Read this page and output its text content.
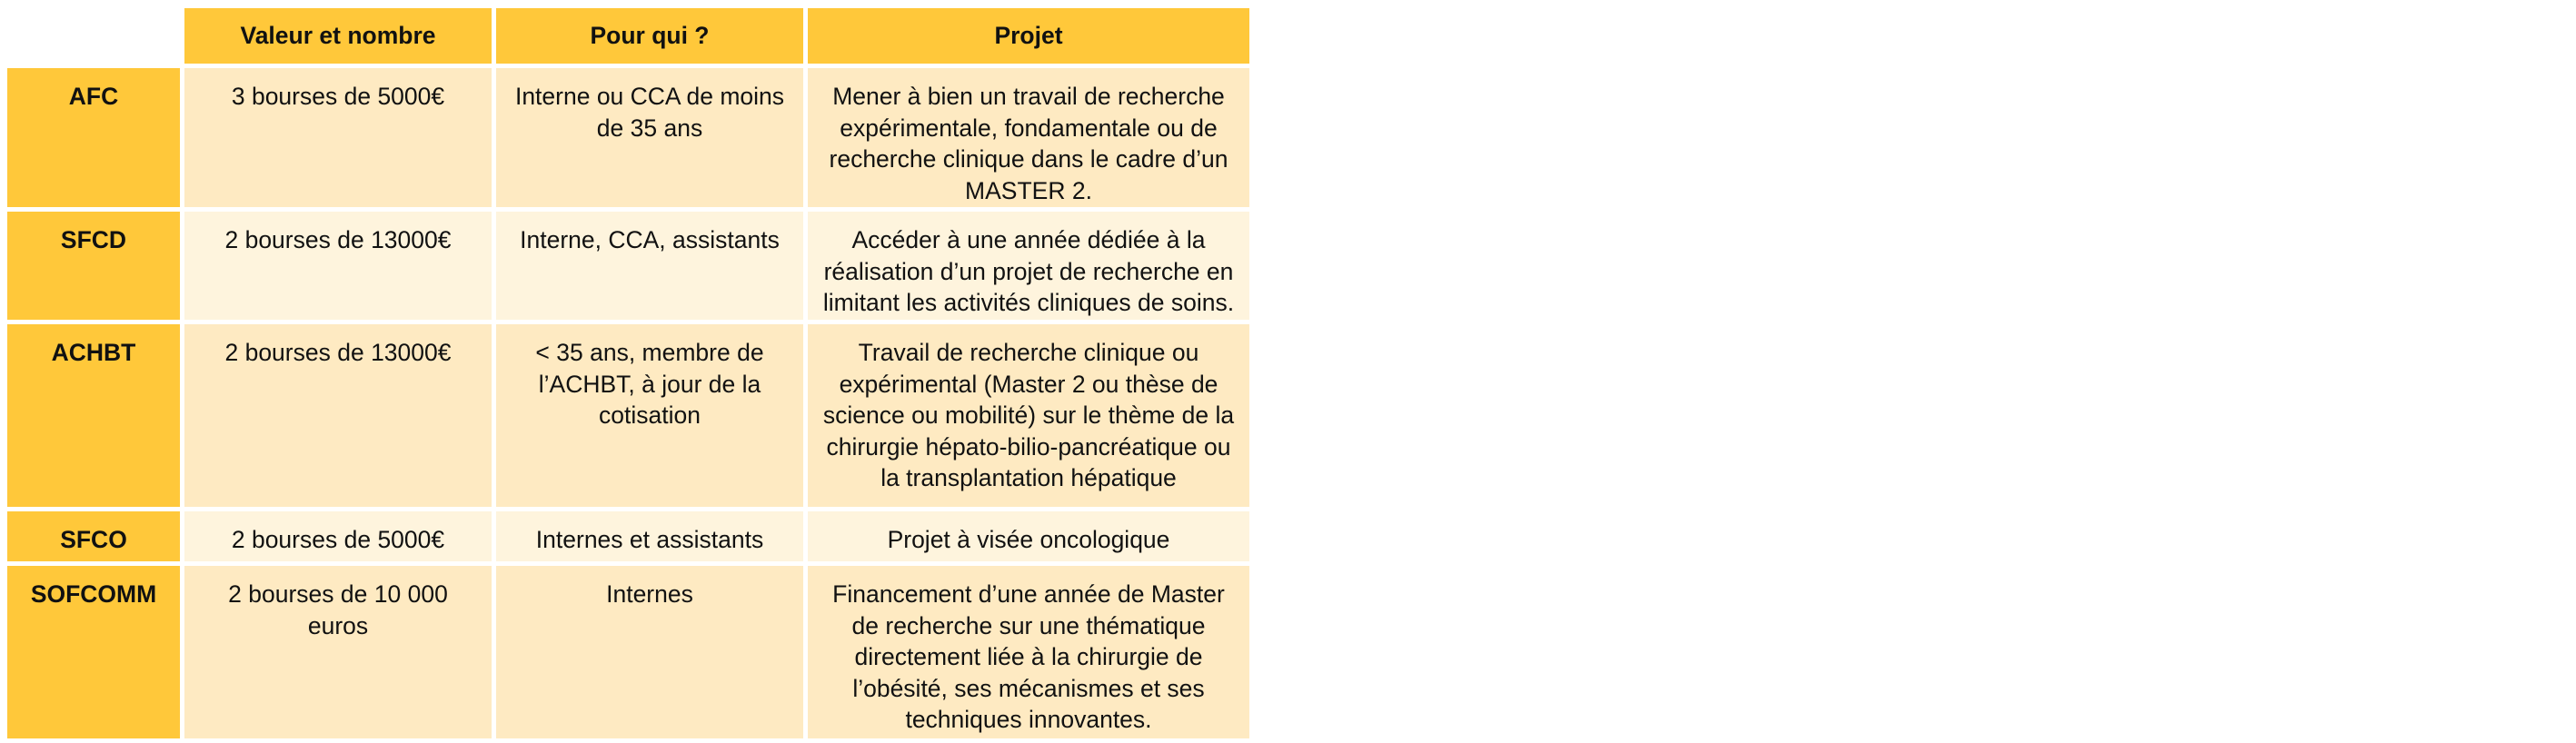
	Valeur et nombre	Pour qui ?	Projet
AFC	3 bourses de 5000€	Interne ou CCA de moins de 35 ans	Mener à bien un travail de recherche expérimentale, fondamentale ou de recherche clinique dans le cadre d’un MASTER 2.

SFCD	2 bourses de 13000€	Interne, CCA, assistants	Accéder à une année dédiée à la réalisation d’un projet de recherche en limitant les activités cliniques de soins.

ACHBT	2 bourses de 13000€	< 35 ans, membre de l’ACHBT, à jour de la cotisation	Travail de recherche clinique ou expérimental (Master 2 ou thèse de science ou mobilité) sur le thème de la chirurgie hépato-bilio-pancréatique ou la transplantation hépatique

SFCO	2 bourses de 5000€	Internes et assistants	Projet à visée oncologique

SOFCOMM	2 bourses de 10 000 euros	Internes	Financement d’une année de Master de recherche sur une thématique directement liée à la chirurgie de l’obésité, ses mécanismes et ses techniques innovantes.
